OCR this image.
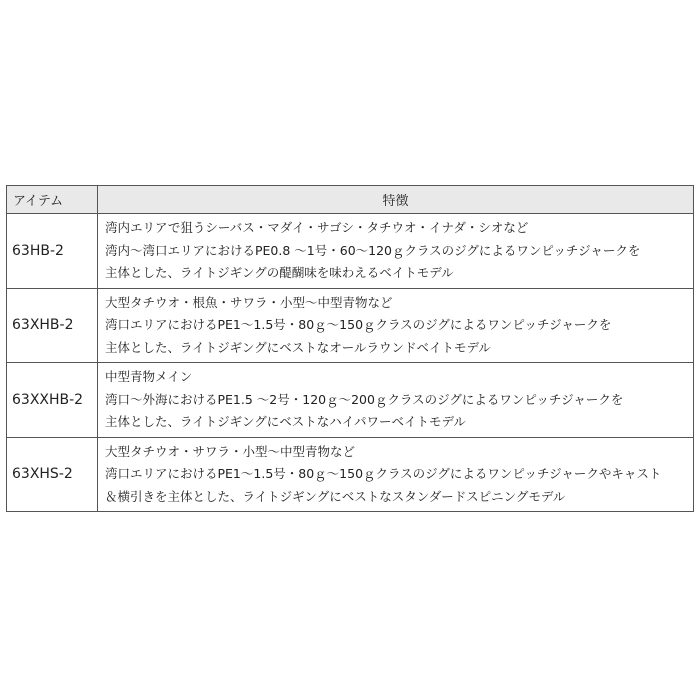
アイテム	特徴
63HB-2	湾内エリアで狙うシーバス・マダイ・サゴシ・タチウオ・イナダ・シオなど
湾内～湾口エリアにおけるPE0.8 ～1号・60～120ｇクラスのジグによるワンピッチジャークを
主体とした、ライトジギングの醍醐味を味わえるベイトモデル

63XHB-2	大型タチウオ・根魚・サワラ・小型～中型青物など
湾口エリアにおけるPE1～1.5号・80ｇ～150ｇクラスのジグによるワンピッチジャークを
主体とした、ライトジギングにベストなオールラウンドベイトモデル

63XXHB-2	中型青物メイン
湾口～外海におけるPE1.5 ～2号・120ｇ～200ｇクラスのジグによるワンピッチジャークを
主体とした、ライトジギングにベストなハイパワーベイトモデル

63XHS-2	大型タチウオ・サワラ・小型～中型青物など
湾口エリアにおけるPE1～1.5号・80ｇ～150ｇクラスのジグによるワンピッチジャークやキャスト
＆横引きを主体とした、ライトジギングにベストなスタンダードスピニングモデル
